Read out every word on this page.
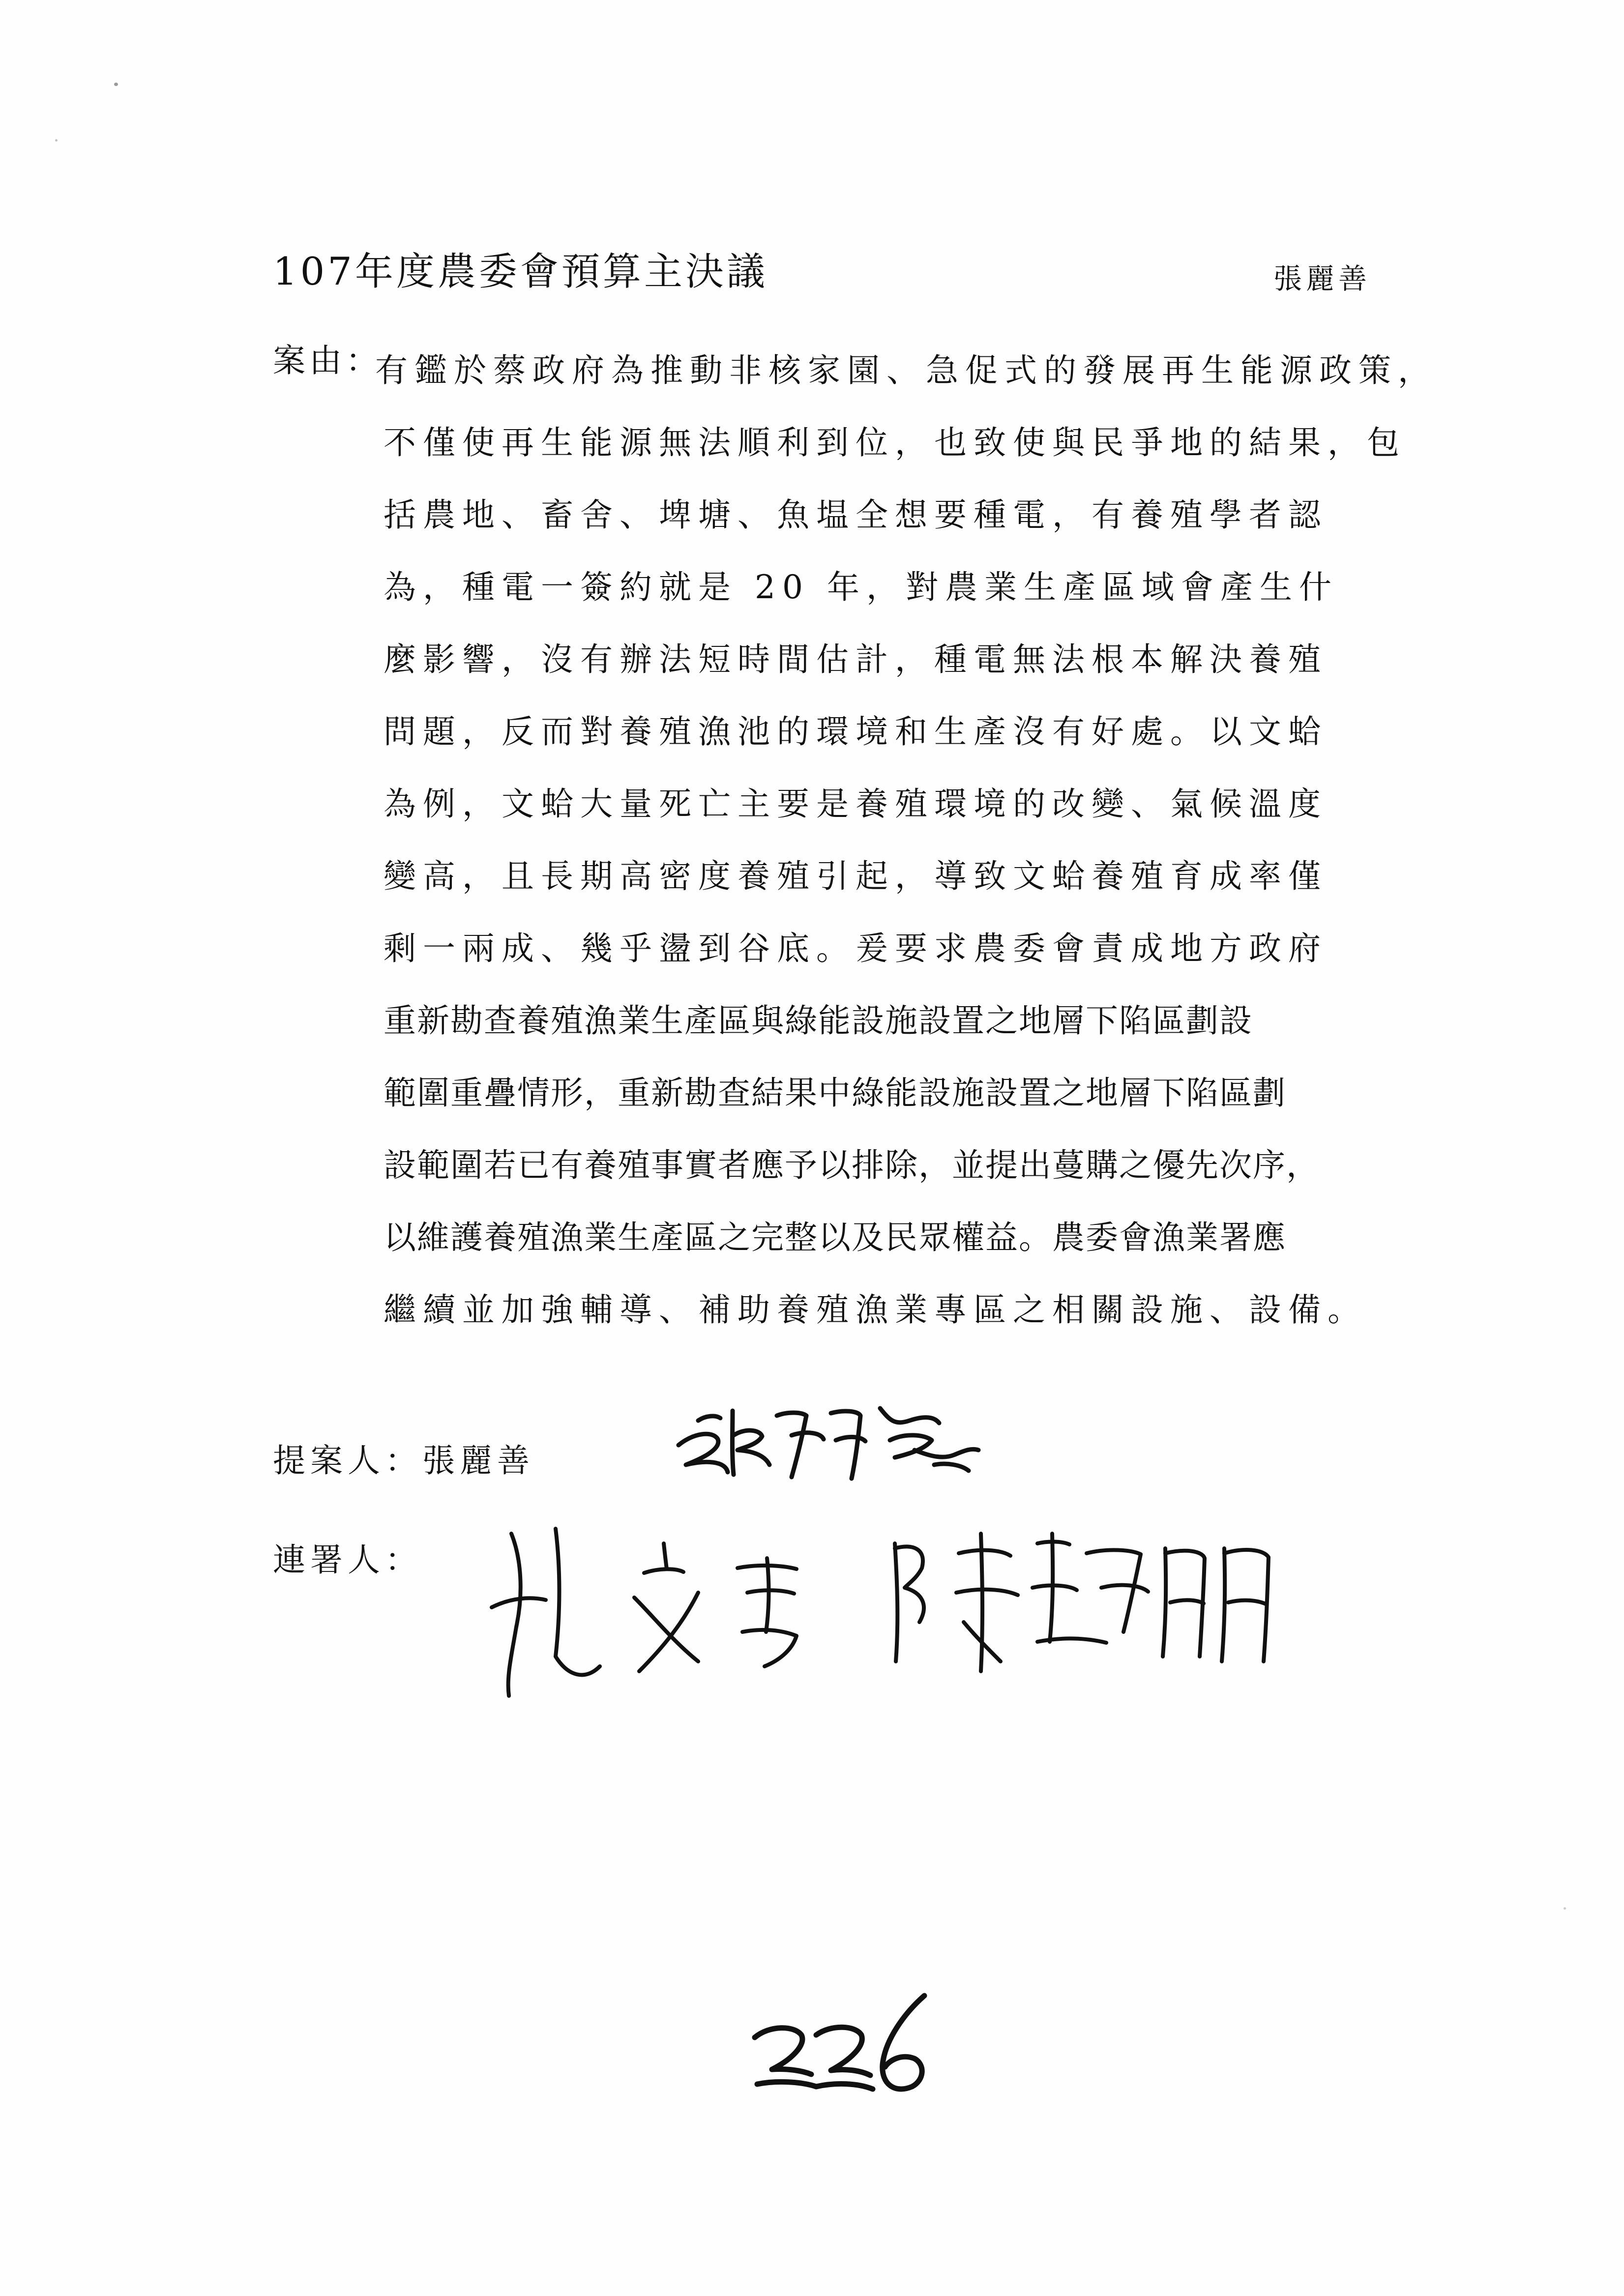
107年度農委會預算主決議	張麗善
案由：
有鑑於蔡政府為推動非核家園、急促式的發展再生能源政策，
不僅使再生能源無法順利到位，也致使與民爭地的結果，包
括農地、畜舍、埤塘、魚塭全想要種電，有養殖學者認
為，種電一簽約就是 20 年，對農業生產區域會產生什
麼影響，沒有辦法短時間估計，種電無法根本解決養殖
問題，反而對養殖漁池的環境和生產沒有好處。以文蛤
為例，文蛤大量死亡主要是養殖環境的改變、氣候溫度
變高，且長期高密度養殖引起，導致文蛤養殖育成率僅
剩一兩成、幾乎盪到谷底。爰要求農委會責成地方政府
重新勘查養殖漁業生產區與綠能設施設置之地層下陷區劃設
範圍重疊情形，重新勘查結果中綠能設施設置之地層下陷區劃
設範圍若已有養殖事實者應予以排除，並提出蔓購之優先次序，
以維護養殖漁業生產區之完整以及民眾權益。農委會漁業署應
繼續並加強輔導、補助養殖漁業專區之相關設施、設備。
提案人：張麗善
連署人：
